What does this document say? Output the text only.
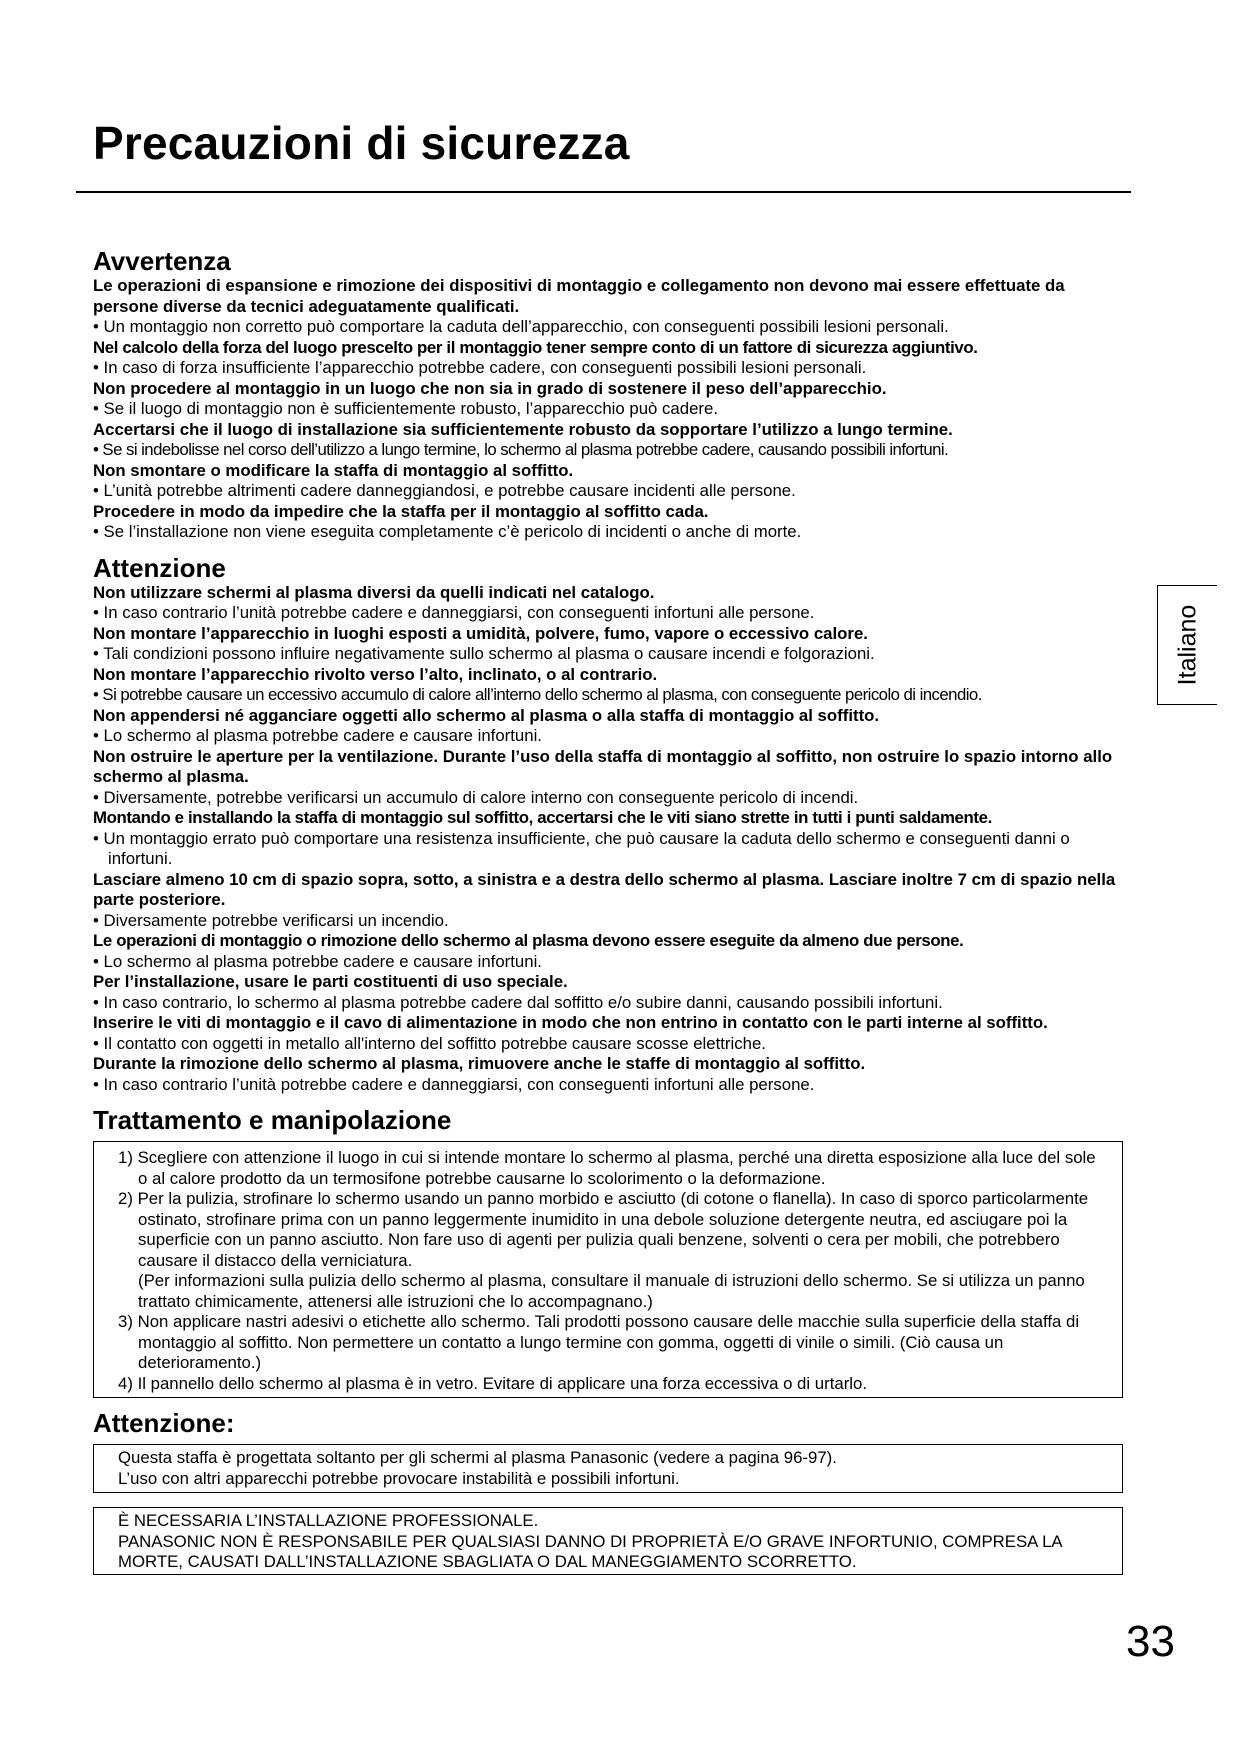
Precauzioni di sicurezza
Italiano
Avvertenza

Le operazioni di espansione e rimozione dei dispositivi di montaggio e collegamento non devono mai essere effettuate da persone diverse da tecnici adeguatamente qualificati.

• Un montaggio non corretto può comportare la caduta dell’apparecchio, con conseguenti possibili lesioni personali.

Nel calcolo della forza del luogo prescelto per il montaggio tener sempre conto di un fattore di sicurezza aggiuntivo.

• In caso di forza insufficiente l’apparecchio potrebbe cadere, con conseguenti possibili lesioni personali.

Non procedere al montaggio in un luogo che non sia in grado di sostenere il peso dell’apparecchio.

• Se il luogo di montaggio non è sufficientemente robusto, l’apparecchio può cadere.

Accertarsi che il luogo di installazione sia sufficientemente robusto da sopportare l’utilizzo a lungo termine.

• Se si indebolisse nel corso dell’utilizzo a lungo termine, lo schermo al plasma potrebbe cadere, causando possibili infortuni.

Non smontare o modificare la staffa di montaggio al soffitto.

• L’unità potrebbe altrimenti cadere danneggiandosi, e potrebbe causare incidenti alle persone.

Procedere in modo da impedire che la staffa per il montaggio al soffitto cada.

• Se l’installazione non viene eseguita completamente c’è pericolo di incidenti o anche di morte.

Attenzione

Non utilizzare schermi al plasma diversi da quelli indicati nel catalogo.

• In caso contrario l’unità potrebbe cadere e danneggiarsi, con conseguenti infortuni alle persone.

Non montare l’apparecchio in luoghi esposti a umidità, polvere, fumo, vapore o eccessivo calore.

• Tali condizioni possono influire negativamente sullo schermo al plasma o causare incendi e folgorazioni.

Non montare l’apparecchio rivolto verso l’alto, inclinato, o al contrario.

• Si potrebbe causare un eccessivo accumulo di calore all’interno dello schermo al plasma, con conseguente pericolo di incendio.

Non appendersi né agganciare oggetti allo schermo al plasma o alla staffa di montaggio al soffitto.

• Lo schermo al plasma potrebbe cadere e causare infortuni.

Non ostruire le aperture per la ventilazione. Durante l’uso della staffa di montaggio al soffitto, non ostruire lo spazio intorno allo schermo al plasma.

• Diversamente, potrebbe verificarsi un accumulo di calore interno con conseguente pericolo di incendi.

Montando e installando la staffa di montaggio sul soffitto, accertarsi che le viti siano strette in tutti i punti saldamente.

• Un montaggio errato può comportare una resistenza insufficiente, che può causare la caduta dello schermo e conseguenti danni o infortuni.

Lasciare almeno 10 cm di spazio sopra, sotto, a sinistra e a destra dello schermo al plasma. Lasciare inoltre 7 cm di spazio nella parte posteriore.

• Diversamente potrebbe verificarsi un incendio.

Le operazioni di montaggio o rimozione dello schermo al plasma devono essere eseguite da almeno due persone.

• Lo schermo al plasma potrebbe cadere e causare infortuni.

Per l’installazione, usare le parti costituenti di uso speciale.

• In caso contrario, lo schermo al plasma potrebbe cadere dal soffitto e/o subire danni, causando possibili infortuni.

Inserire le viti di montaggio e il cavo di alimentazione in modo che non entrino in contatto con le parti interne al soffitto.

• Il contatto con oggetti in metallo all'interno del soffitto potrebbe causare scosse elettriche.

Durante la rimozione dello schermo al plasma, rimuovere anche le staffe di montaggio al soffitto.

• In caso contrario l’unità potrebbe cadere e danneggiarsi, con conseguenti infortuni alle persone.

Trattamento e manipolazione

1) Scegliere con attenzione il luogo in cui si intende montare lo schermo al plasma, perché una diretta esposizione alla luce del sole o al calore prodotto da un termosifone potrebbe causarne lo scolorimento o la deformazione.

2) Per la pulizia, strofinare lo schermo usando un panno morbido e asciutto (di cotone o flanella). In caso di sporco particolarmente ostinato, strofinare prima con un panno leggermente inumidito in una debole soluzione detergente neutra, ed asciugare poi la superficie con un panno asciutto. Non fare uso di agenti per pulizia quali benzene, solventi o cera per mobili, che potrebbero causare il distacco della verniciatura.

(Per informazioni sulla pulizia dello schermo al plasma, consultare il manuale di istruzioni dello schermo. Se si utilizza un panno trattato chimicamente, attenersi alle istruzioni che lo accompagnano.)

3) Non applicare nastri adesivi o etichette allo schermo. Tali prodotti possono causare delle macchie sulla superficie della staffa di montaggio al soffitto. Non permettere un contatto a lungo termine con gomma, oggetti di vinile o simili. (Ciò causa un deterioramento.)

4) Il pannello dello schermo al plasma è in vetro. Evitare di applicare una forza eccessiva o di urtarlo.

Attenzione:

Questa staffa è progettata soltanto per gli schermi al plasma Panasonic (vedere a pagina 96-97).

L’uso con altri apparecchi potrebbe provocare instabilità e possibili infortuni.

È NECESSARIA L’INSTALLAZIONE PROFESSIONALE.

PANASONIC NON È RESPONSABILE PER QUALSIASI DANNO DI PROPRIETÀ E/O GRAVE INFORTUNIO, COMPRESA LA MORTE, CAUSATI DALL’INSTALLAZIONE SBAGLIATA O DAL MANEGGIAMENTO SCORRETTO.

33
